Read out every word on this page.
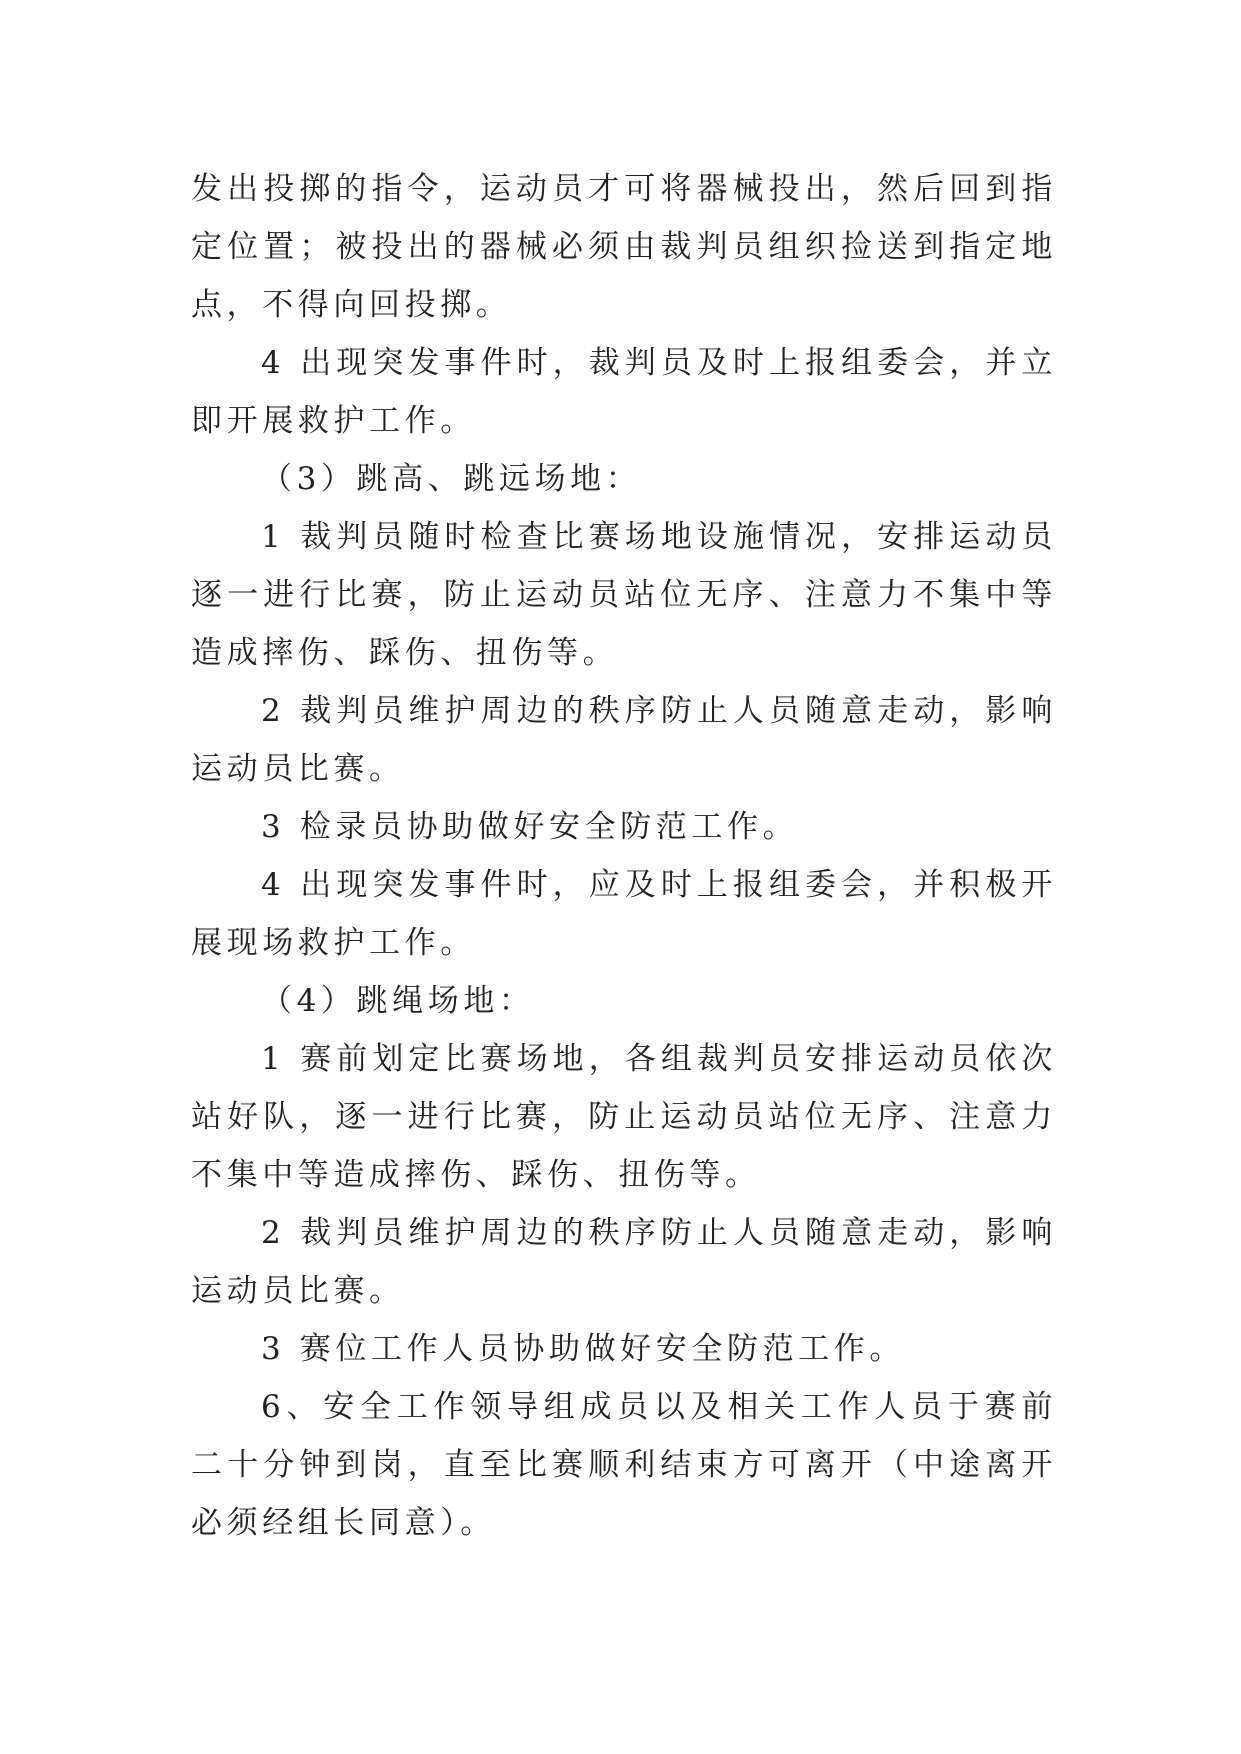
发出投掷的指令，运动员才可将器械投出，然后回到指定位置；被投出的器械必须由裁判员组织捡送到指定地点，不得向回投掷。

4 出现突发事件时，裁判员及时上报组委会，并立即开展救护工作。

（3）跳高、跳远场地：

1 裁判员随时检查比赛场地设施情况，安排运动员逐一进行比赛，防止运动员站位无序、注意力不集中等造成摔伤、踩伤、扭伤等。

2 裁判员维护周边的秩序防止人员随意走动，影响运动员比赛。

3 检录员协助做好安全防范工作。

4 出现突发事件时，应及时上报组委会，并积极开展现场救护工作。

（4）跳绳场地：

1 赛前划定比赛场地，各组裁判员安排运动员依次站好队，逐一进行比赛，防止运动员站位无序、注意力不集中等造成摔伤、踩伤、扭伤等。

2 裁判员维护周边的秩序防止人员随意走动，影响运动员比赛。

3 赛位工作人员协助做好安全防范工作。

6、安全工作领导组成员以及相关工作人员于赛前二十分钟到岗，直至比赛顺利结束方可离开（中途离开必须经组长同意）。
